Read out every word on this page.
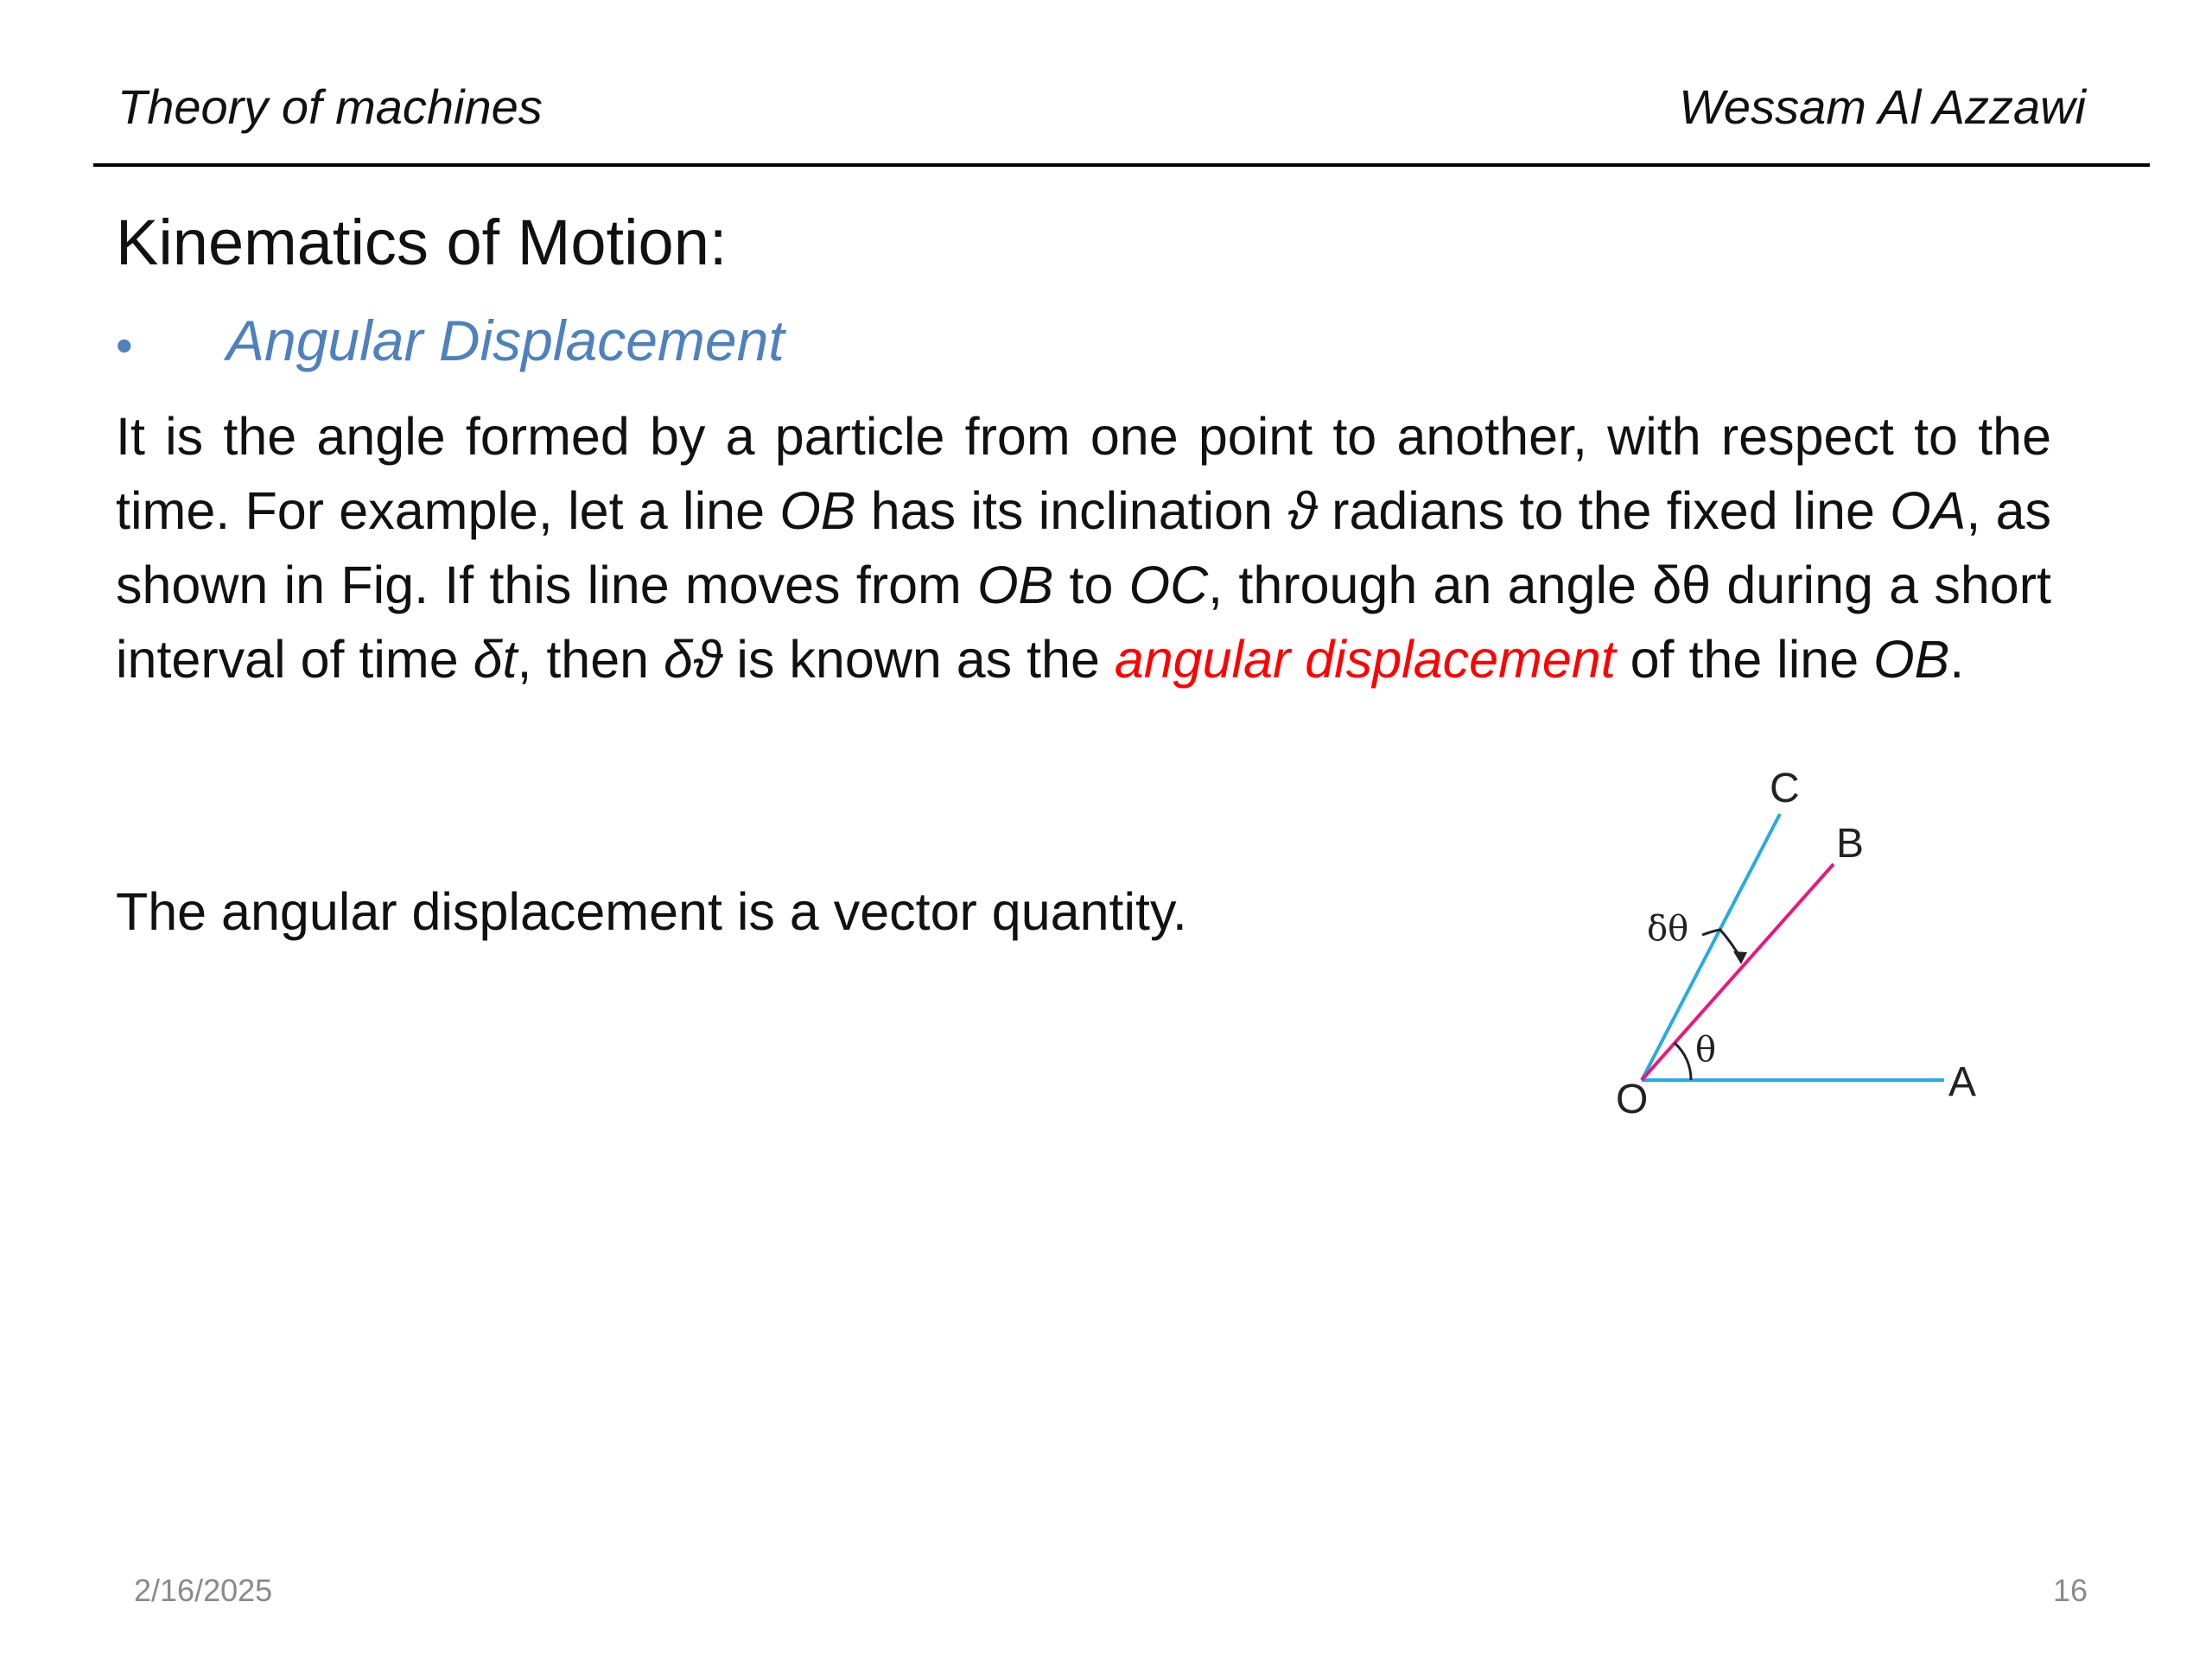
Theory of machines	Wessam Al Azzawi
Kinematics of Motion:
• Angular Displacement

It is the angle formed by a particle from one point to another, with respect to the time. For example, let a line OB has its inclination ϑ radians to the fixed line OA, as shown in Fig. If this line moves from OB to OC, through an angle δθ during a short interval of time δt, then δϑ is known as the angular displacement of the line OB.

The angular displacement is a vector quantity.

O	A
B
C
θ
δθ
2/16/2025	16
